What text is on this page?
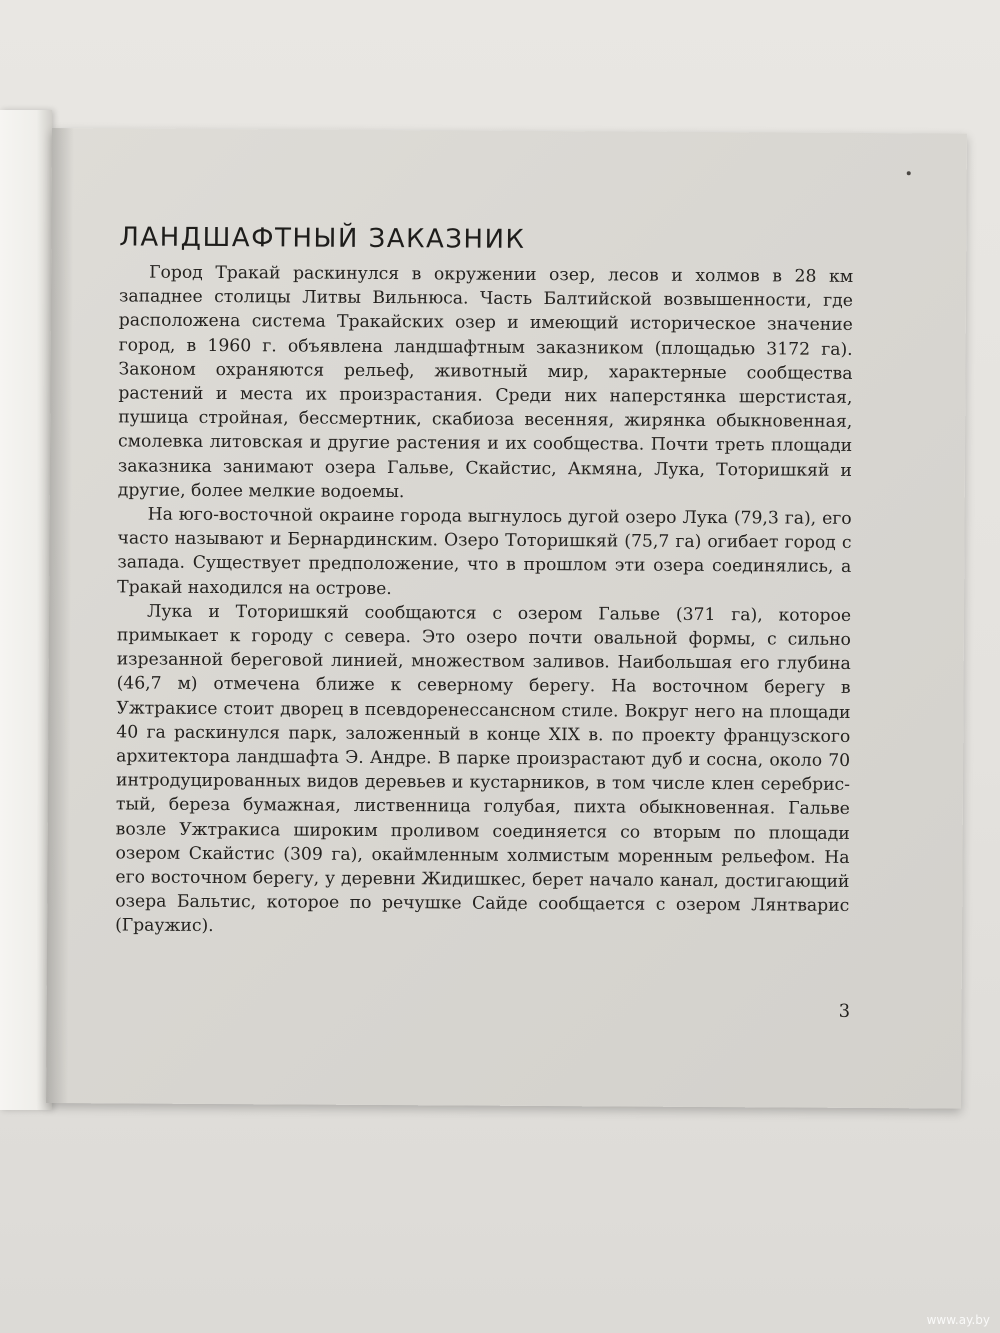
ЛАНДШАФТНЫЙ ЗАКАЗНИК

Город Тракай раскинулся в окружении озер, лесов и холмов в 28 км западнее столицы Литвы Вильнюса. Часть Балтийской возвышенности, где расположена система Тракайских озер и имеющий историческое значение город, в 1960 г. объявлена ландшафтным заказником (площадью 3172 га). Законом охраняются рельеф, животный мир, характерные сообщества растений и места их произрастания. Среди них наперстянка шерстистая, пушица стройная, бессмертник, скабиоза весенняя, жирянка обыкновенная, смолевка литовская и другие растения и их сообщества. Почти треть площади заказника занимают озера Гальве, Скайстис, Акмяна, Лука, Тоторишкяй и другие, более мелкие водоемы.

На юго-восточной окраине города выгнулось дугой озеро Лука (79,3 га), его часто называют и Бернардинским. Озеро Тоторишкяй (75,7 га) огибает город с запада. Существует предположение, что в прошлом эти озера соединялись, а Тракай находился на острове.

Лука и Тоторишкяй сообщаются с озером Гальве (371 га), которое примыкает к городу с севера. Это озеро почти овальной формы, с сильно изрезанной береговой линией, множеством заливов. Наибольшая его глубина (46,7 м) отмечена ближе к северному берегу. На восточном берегу в Ужтракисе стоит дворец в псевдоренессансном стиле. Вокруг него на площади 40 га раскинулся парк, заложенный в конце XIX в. по проекту французского архитектора ландшафта Э. Андре. В парке произрастают дуб и сосна, около 70 интродуцированных видов деревьев и кустарников, в том числе клен серебристый, береза бумажная, лиственница голубая, пихта обыкновенная. Гальве возле Ужтракиса широким проливом соединяется со вторым по площади озером Скайстис (309 га), окаймленным холмистым моренным рельефом. На его восточном берегу, у деревни Жидишкес, берет начало канал, достигающий озера Бальтис, которое по речушке Сайде сообщается с озером Лянтварис (Граужис).

3
www.ay.by
